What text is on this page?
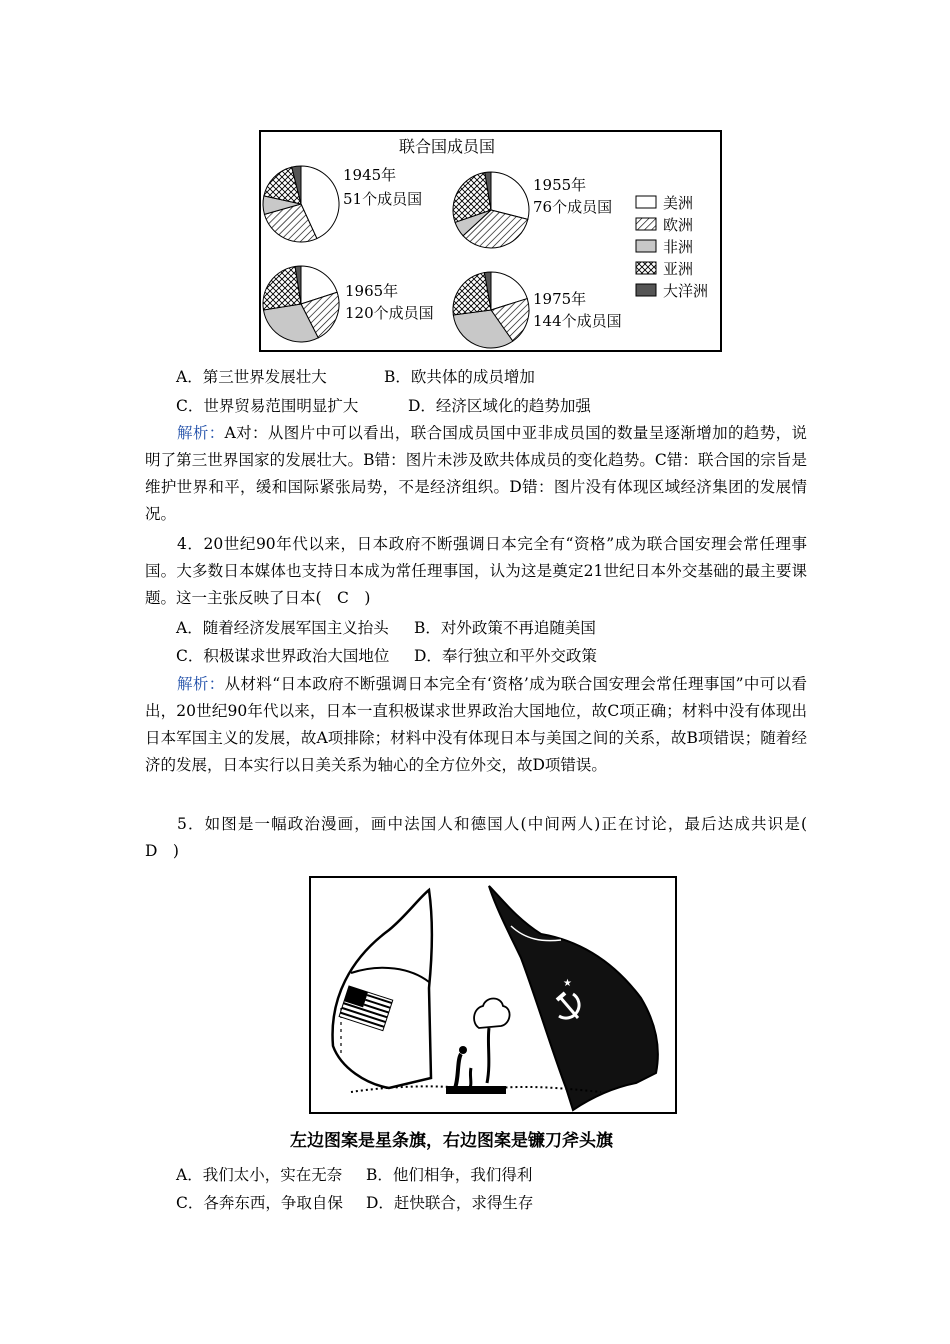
联合国成员国
1945年
51个成员国
1955年
76个成员国
1965年
120个成员国
1975年
144个成员国
美洲
欧洲
非洲
亚洲
大洋洲
A．第三世界发展壮大	B．欧共体的成员增加
C．世界贸易范围明显扩大	D．经济区域化的趋势加强

解析：A对：从图片中可以看出，联合国成员国中亚非成员国的数量呈逐渐增加的趋势，说明了第三世界国家的发展壮大。B错：图片未涉及欧共体成员的变化趋势。C错：联合国的宗旨是维护世界和平，缓和国际紧张局势，不是经济组织。D错：图片没有体现区域经济集团的发展情况。

4．20世纪90年代以来，日本政府不断强调日本完全有“资格”成为联合国安理会常任理事国。大多数日本媒体也支持日本成为常任理事国，认为这是奠定21世纪日本外交基础的最主要课题。这一主张反映了日本(　C　)

A．随着经济发展军国主义抬头 B．对外政策不再追随美国
C．积极谋求世界政治大国地位 D．奉行独立和平外交政策

解析：从材料“日本政府不断强调日本完全有‘资格’成为联合国安理会常任理事国”中可以看出，20世纪90年代以来，日本一直积极谋求世界政治大国地位，故C项正确；材料中没有体现出日本军国主义的发展，故A项排除；材料中没有体现日本与美国之间的关系，故B项错误；随着经济的发展，日本实行以日美关系为轴心的全方位外交，故D项错误。

5．如图是一幅政治漫画，画中法国人和德国人(中间两人)正在讨论，最后达成共识是(　D　)

★
左边图案是星条旗，右边图案是镰刀斧头旗
A．我们太小，实在无奈 B．他们相争，我们得利
C．各奔东西，争取自保 D．赶快联合，求得生存
